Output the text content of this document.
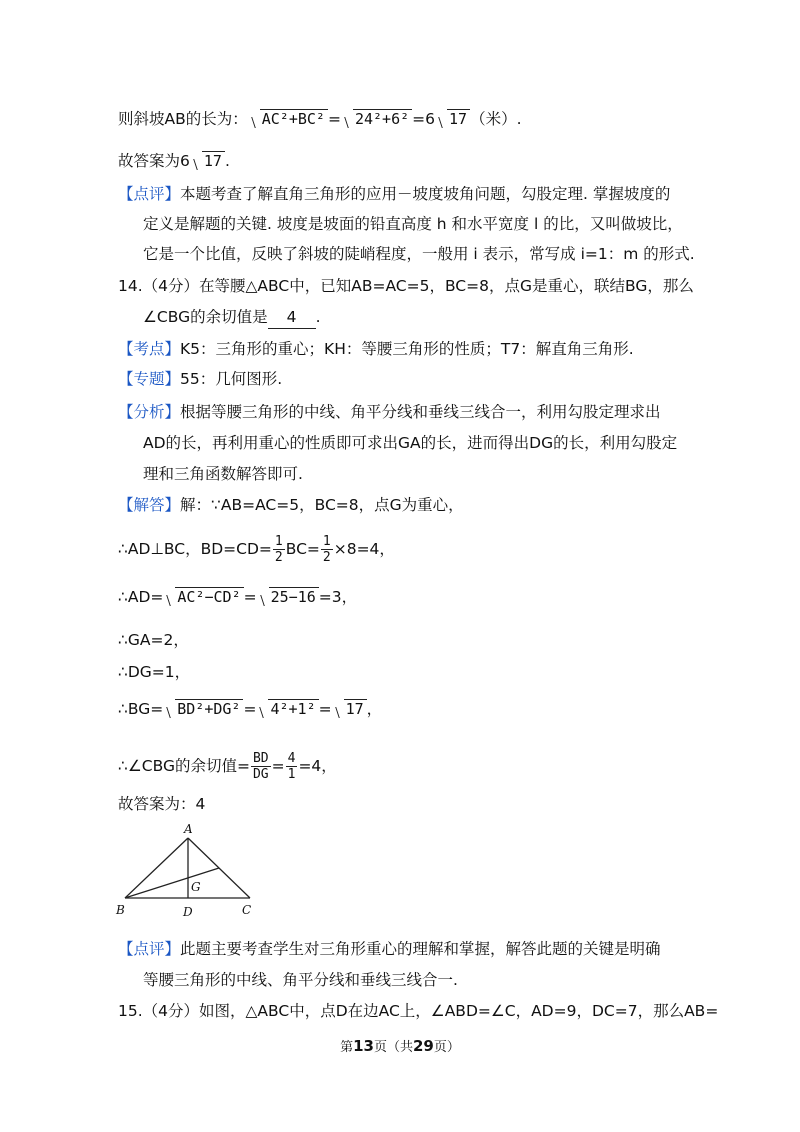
则斜坡AB的长为： AC²+BC² = 24²+6² =6 17 （米）.
故答案为6 17 .
【点评】本题考查了解直角三角形的应用－坡度坡角问题，勾股定理. 掌握坡度的
定义是解题的关键. 坡度是坡面的铅直高度 h 和水平宽度 l 的比，又叫做坡比，
它是一个比值，反映了斜坡的陡峭程度，一般用 i 表示，常写成 i=1：m 的形式.
14.（4分）在等腰△ABC中，已知AB=AC=5，BC=8，点G是重心，联结BG，那么
∠CBG的余切值是 4 .
【考点】K5：三角形的重心；KH：等腰三角形的性质；T7：解直角三角形.
【专题】55：几何图形.
【分析】根据等腰三角形的中线、角平分线和垂线三线合一，利用勾股定理求出
AD的长，再利用重心的性质即可求出GA的长，进而得出DG的长，利用勾股定
理和三角函数解答即可.
【解答】解：∵AB=AC=5，BC=8，点G为重心，
∴AD⊥BC，$BD=CD= \frac{1}{2} BC= \frac{1}{2} \times 8=4$，
∴AD= AC²−CD² = 25−16 =3，
∴GA=2，
∴DG=1，
∴BG= BD²+DG² = 4²+1² = 17 ，
∴∠CBG的余切值= $\frac{BD}{DG} = \frac{4}{1} =4$，
故答案为：4
A
B	C
D
G
【点评】此题主要考查学生对三角形重心的理解和掌握，解答此题的关键是明确
等腰三角形的中线、角平分线和垂线三线合一.
15.（4分）如图，△ABC中，点D在边AC上，∠ABD=∠C，AD=9，DC=7，那么AB=
第13页（共29页）
